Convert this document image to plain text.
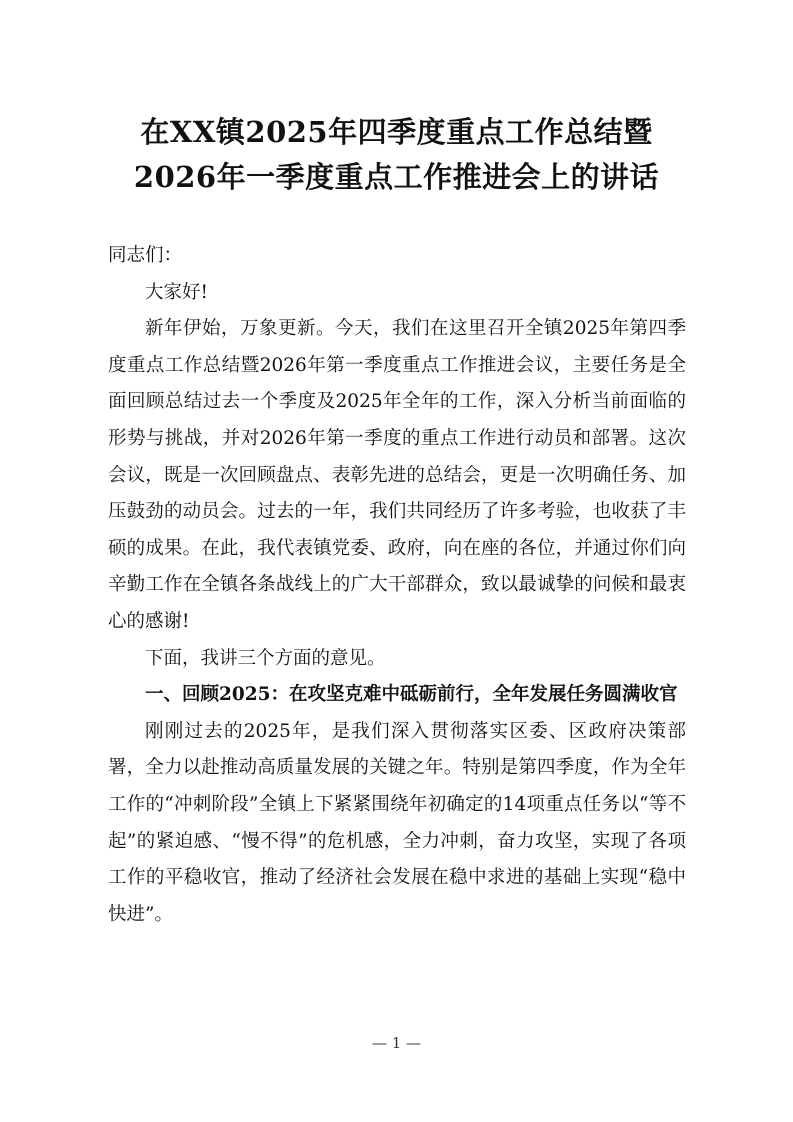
在XX镇2025年四季度重点工作总结暨
2026年一季度重点工作推进会上的讲话

同志们：

大家好!

新年伊始，万象更新。今天，我们在这里召开全镇2025年第四季度重点工作总结暨2026年第一季度重点工作推进会议，主要任务是全面回顾总结过去一个季度及2025年全年的工作，深入分析当前面临的形势与挑战，并对2026年第一季度的重点工作进行动员和部署。这次会议，既是一次回顾盘点、表彰先进的总结会，更是一次明确任务、加压鼓劲的动员会。过去的一年，我们共同经历了许多考验，也收获了丰硕的成果。在此，我代表镇党委、政府，向在座的各位，并通过你们向辛勤工作在全镇各条战线上的广大干部群众，致以最诚挚的问候和最衷心的感谢!

下面，我讲三个方面的意见。

一、回顾2025：在攻坚克难中砥砺前行，全年发展任务圆满收官

刚刚过去的2025年，是我们深入贯彻落实区委、区政府决策部署，全力以赴推动高质量发展的关键之年。特别是第四季度，作为全年工作的“冲刺阶段”全镇上下紧紧围绕年初确定的14项重点任务以“等不起”的紧迫感、“慢不得”的危机感，全力冲刺，奋力攻坚，实现了各项工作的平稳收官，推动了经济社会发展在稳中求进的基础上实现“稳中快进”。

— 1 —
